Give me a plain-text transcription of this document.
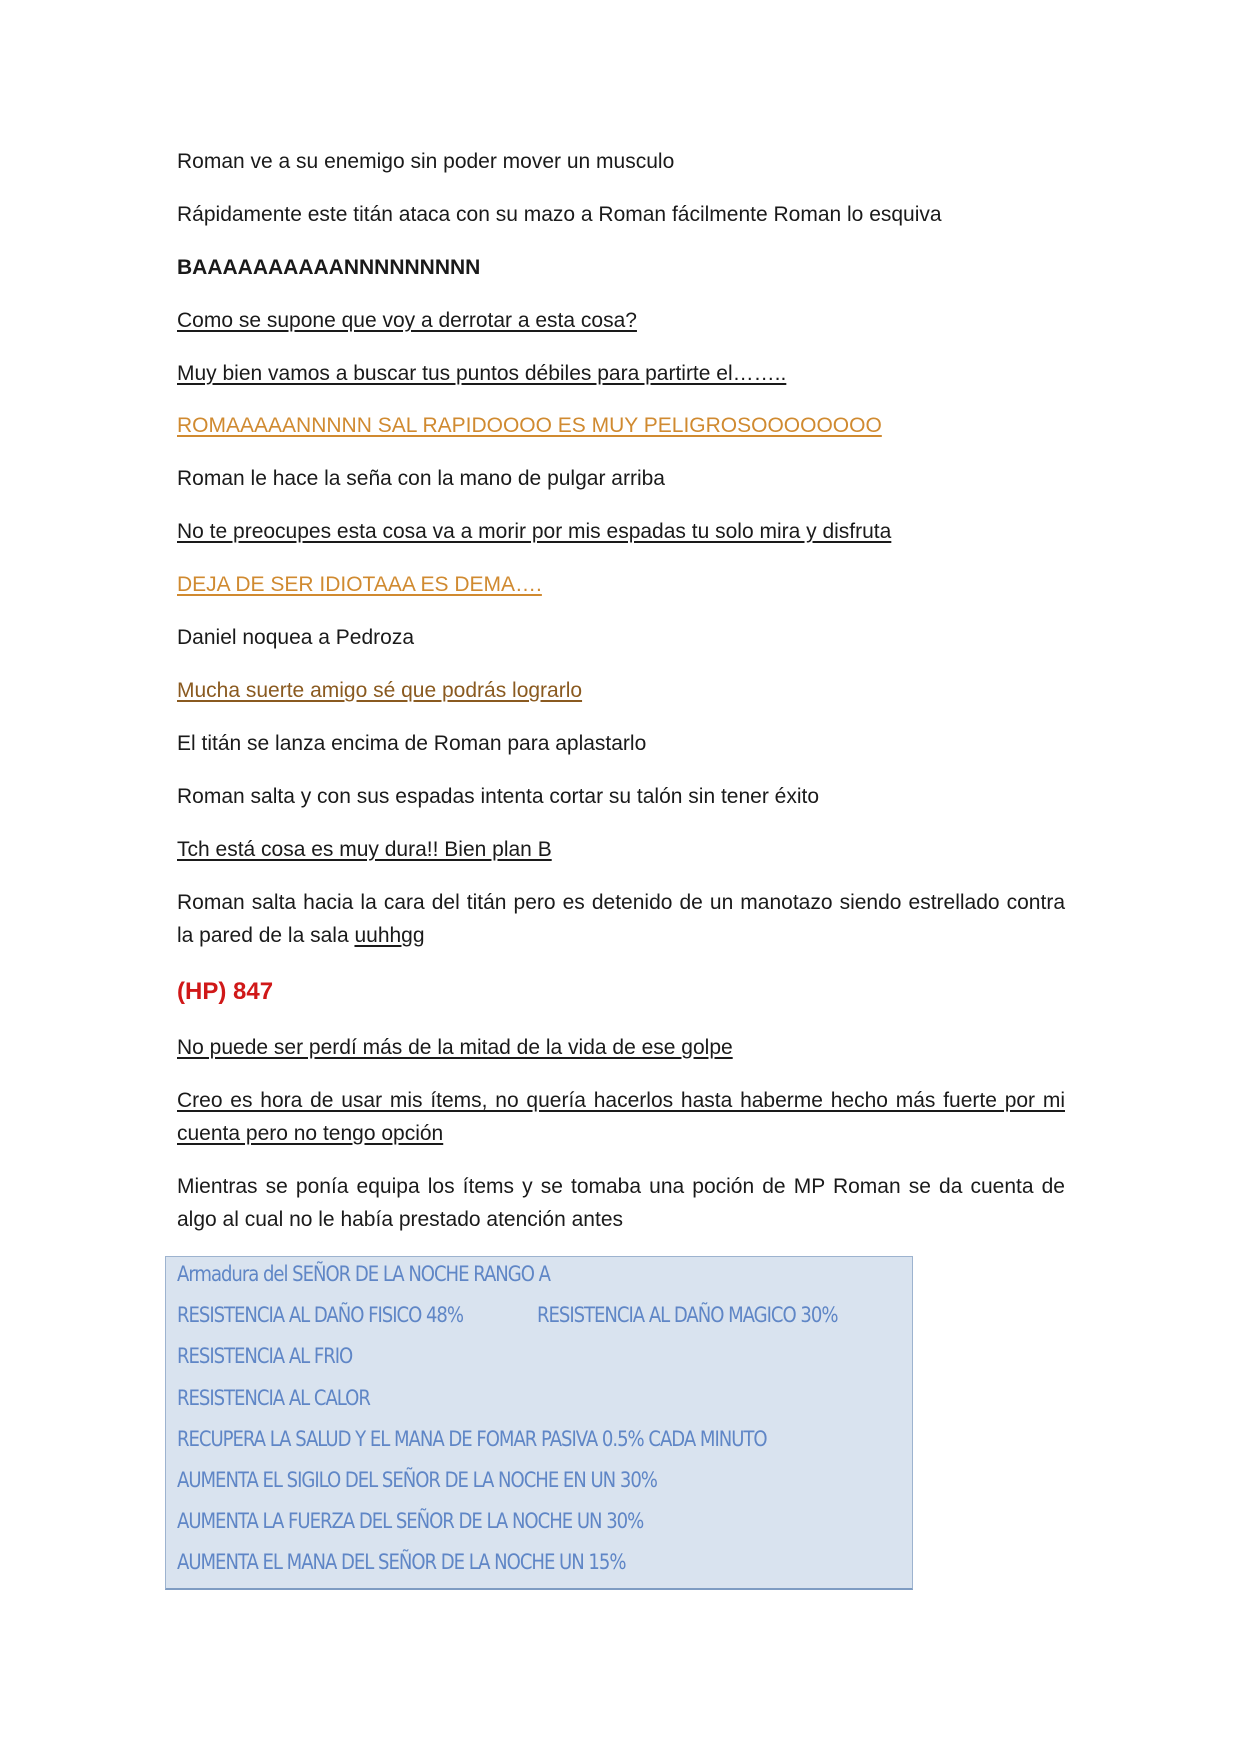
Roman ve a su enemigo sin poder mover un musculo

Rápidamente este titán ataca con su mazo a Roman fácilmente Roman lo esquiva

BAAAAAAAAAANNNNNNNNN

Como se supone que voy a derrotar a esta cosa?

Muy bien vamos a buscar tus puntos débiles para partirte el……..

ROMAAAAANNNNN SAL RAPIDOOOO ES MUY PELIGROSOOOOOOOO

Roman le hace la seña con la mano de pulgar arriba

No te preocupes esta cosa va a morir por mis espadas tu solo mira y disfruta

DEJA DE SER IDIOTAAA ES DEMA….

Daniel noquea a Pedroza

Mucha suerte amigo sé que podrás lograrlo

El titán se lanza encima de Roman para aplastarlo

Roman salta y con sus espadas intenta cortar su talón sin tener éxito

Tch está cosa es muy dura!! Bien plan B

Roman salta hacia la cara del titán pero es detenido de un manotazo siendo estrellado contra la pared de la sala uuhhgg

(HP) 847

No puede ser perdí más de la mitad de la vida de ese golpe

Creo es hora de usar mis ítems, no quería hacerlos hasta haberme hecho más fuerte por mi cuenta pero no tengo opción

Mientras se ponía equipa los ítems y se tomaba una poción de MP Roman se da cuenta de algo al cual no le había prestado atención antes

Armadura del SEÑOR DE LA NOCHE RANGO A
RESISTENCIA AL DAÑO FISICO 48%	RESISTENCIA AL DAÑO MAGICO 30%
RESISTENCIA AL FRIO
RESISTENCIA AL CALOR
RECUPERA LA SALUD Y EL MANA DE FOMAR PASIVA 0.5% CADA MINUTO
AUMENTA EL SIGILO DEL SEÑOR DE LA NOCHE EN UN 30%
AUMENTA LA FUERZA DEL SEÑOR DE LA NOCHE UN 30%
AUMENTA EL MANA DEL SEÑOR DE LA NOCHE UN 15%
